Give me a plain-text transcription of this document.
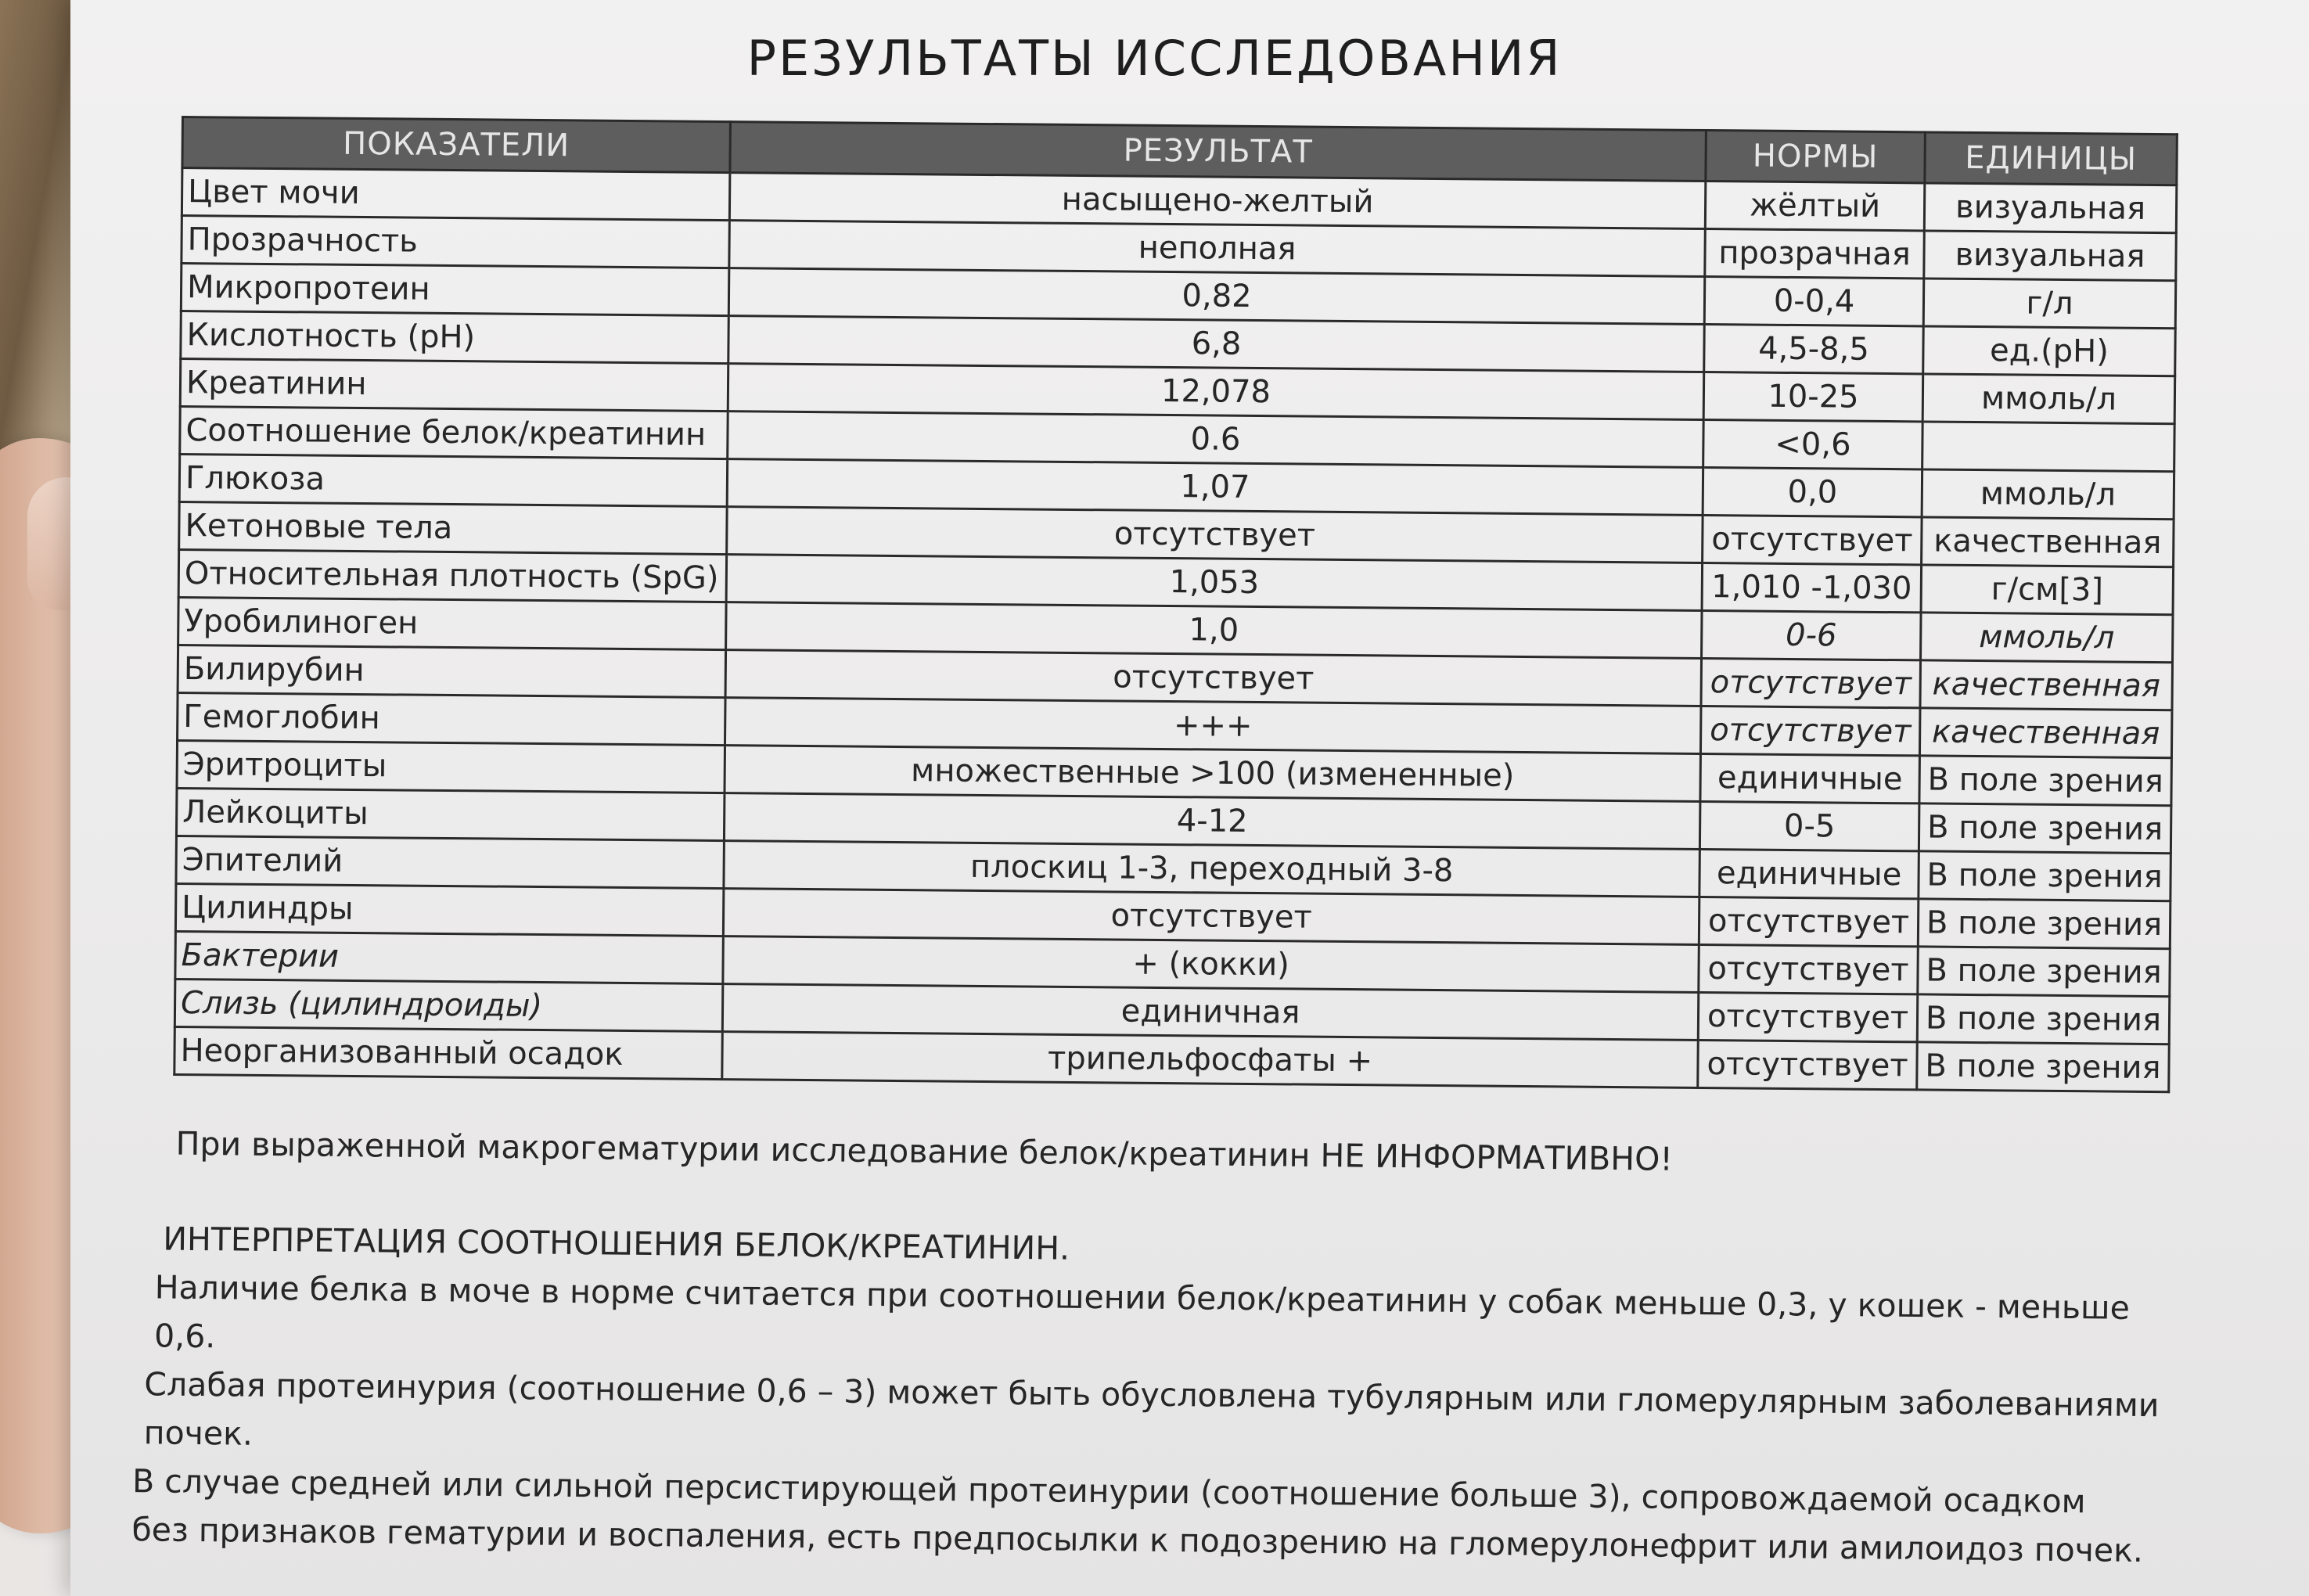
РЕЗУЛЬТАТЫ ИССЛЕДОВАНИЯ
ПОКАЗАТЕЛИ	РЕЗУЛЬТАТ	НОРМЫ	ЕДИНИЦЫ
Цвет мочи	насыщено-желтый	жёлтый	визуальная
Прозрачность	неполная	прозрачная	визуальная
Микропротеин	0,82	0-0,4	г/л
Кислотность (pH)	6,8	4,5-8,5	ед.(pH)
Креатинин	12,078	10-25	ммоль/л
Соотношение белок/креатинин	0.6	<0,6	
Глюкоза	1,07	0,0	ммоль/л
Кетоновые тела	отсутствует	отсутствует	качественная
Относительная плотность (SpG)	1,053	1,010 -1,030	г/см[3]
Уробилиноген	1,0	0-6	ммоль/л
Билирубин	отсутствует	отсутствует	качественная
Гемоглобин	+++	отсутствует	качественная
Эритроциты	множественные >100 (измененные)	единичные	В поле зрения
Лейкоциты	4-12	0-5	В поле зрения
Эпителий	плоскиц 1-3, переходный 3-8	единичные	В поле зрения
Цилиндры	отсутствует	отсутствует	В поле зрения
Бактерии	+ (кокки)	отсутствует	В поле зрения
Слизь (цилиндроиды)	единичная	отсутствует	В поле зрения
Неорганизованный осадок	трипельфосфаты +	отсутствует	В поле зрения

При выраженной макрогематурии исследование белок/креатинин НЕ ИНФОРМАТИВНО!

ИНТЕРПРЕТАЦИЯ СООТНОШЕНИЯ БЕЛОК/КРЕАТИНИН.

Наличие белка в моче в норме считается при соотношении белок/креатинин у собак меньше 0,3, у кошек - меньше

0,6.

Слабая протеинурия (соотношение 0,6 – 3) может быть обусловлена тубулярным или гломерулярным заболеваниями

почек.

В случае средней или сильной персистирующей протеинурии (соотношение больше 3), сопровождаемой осадком

без признаков гематурии и воспаления, есть предпосылки к подозрению на гломерулонефрит или амилоидоз почек.
